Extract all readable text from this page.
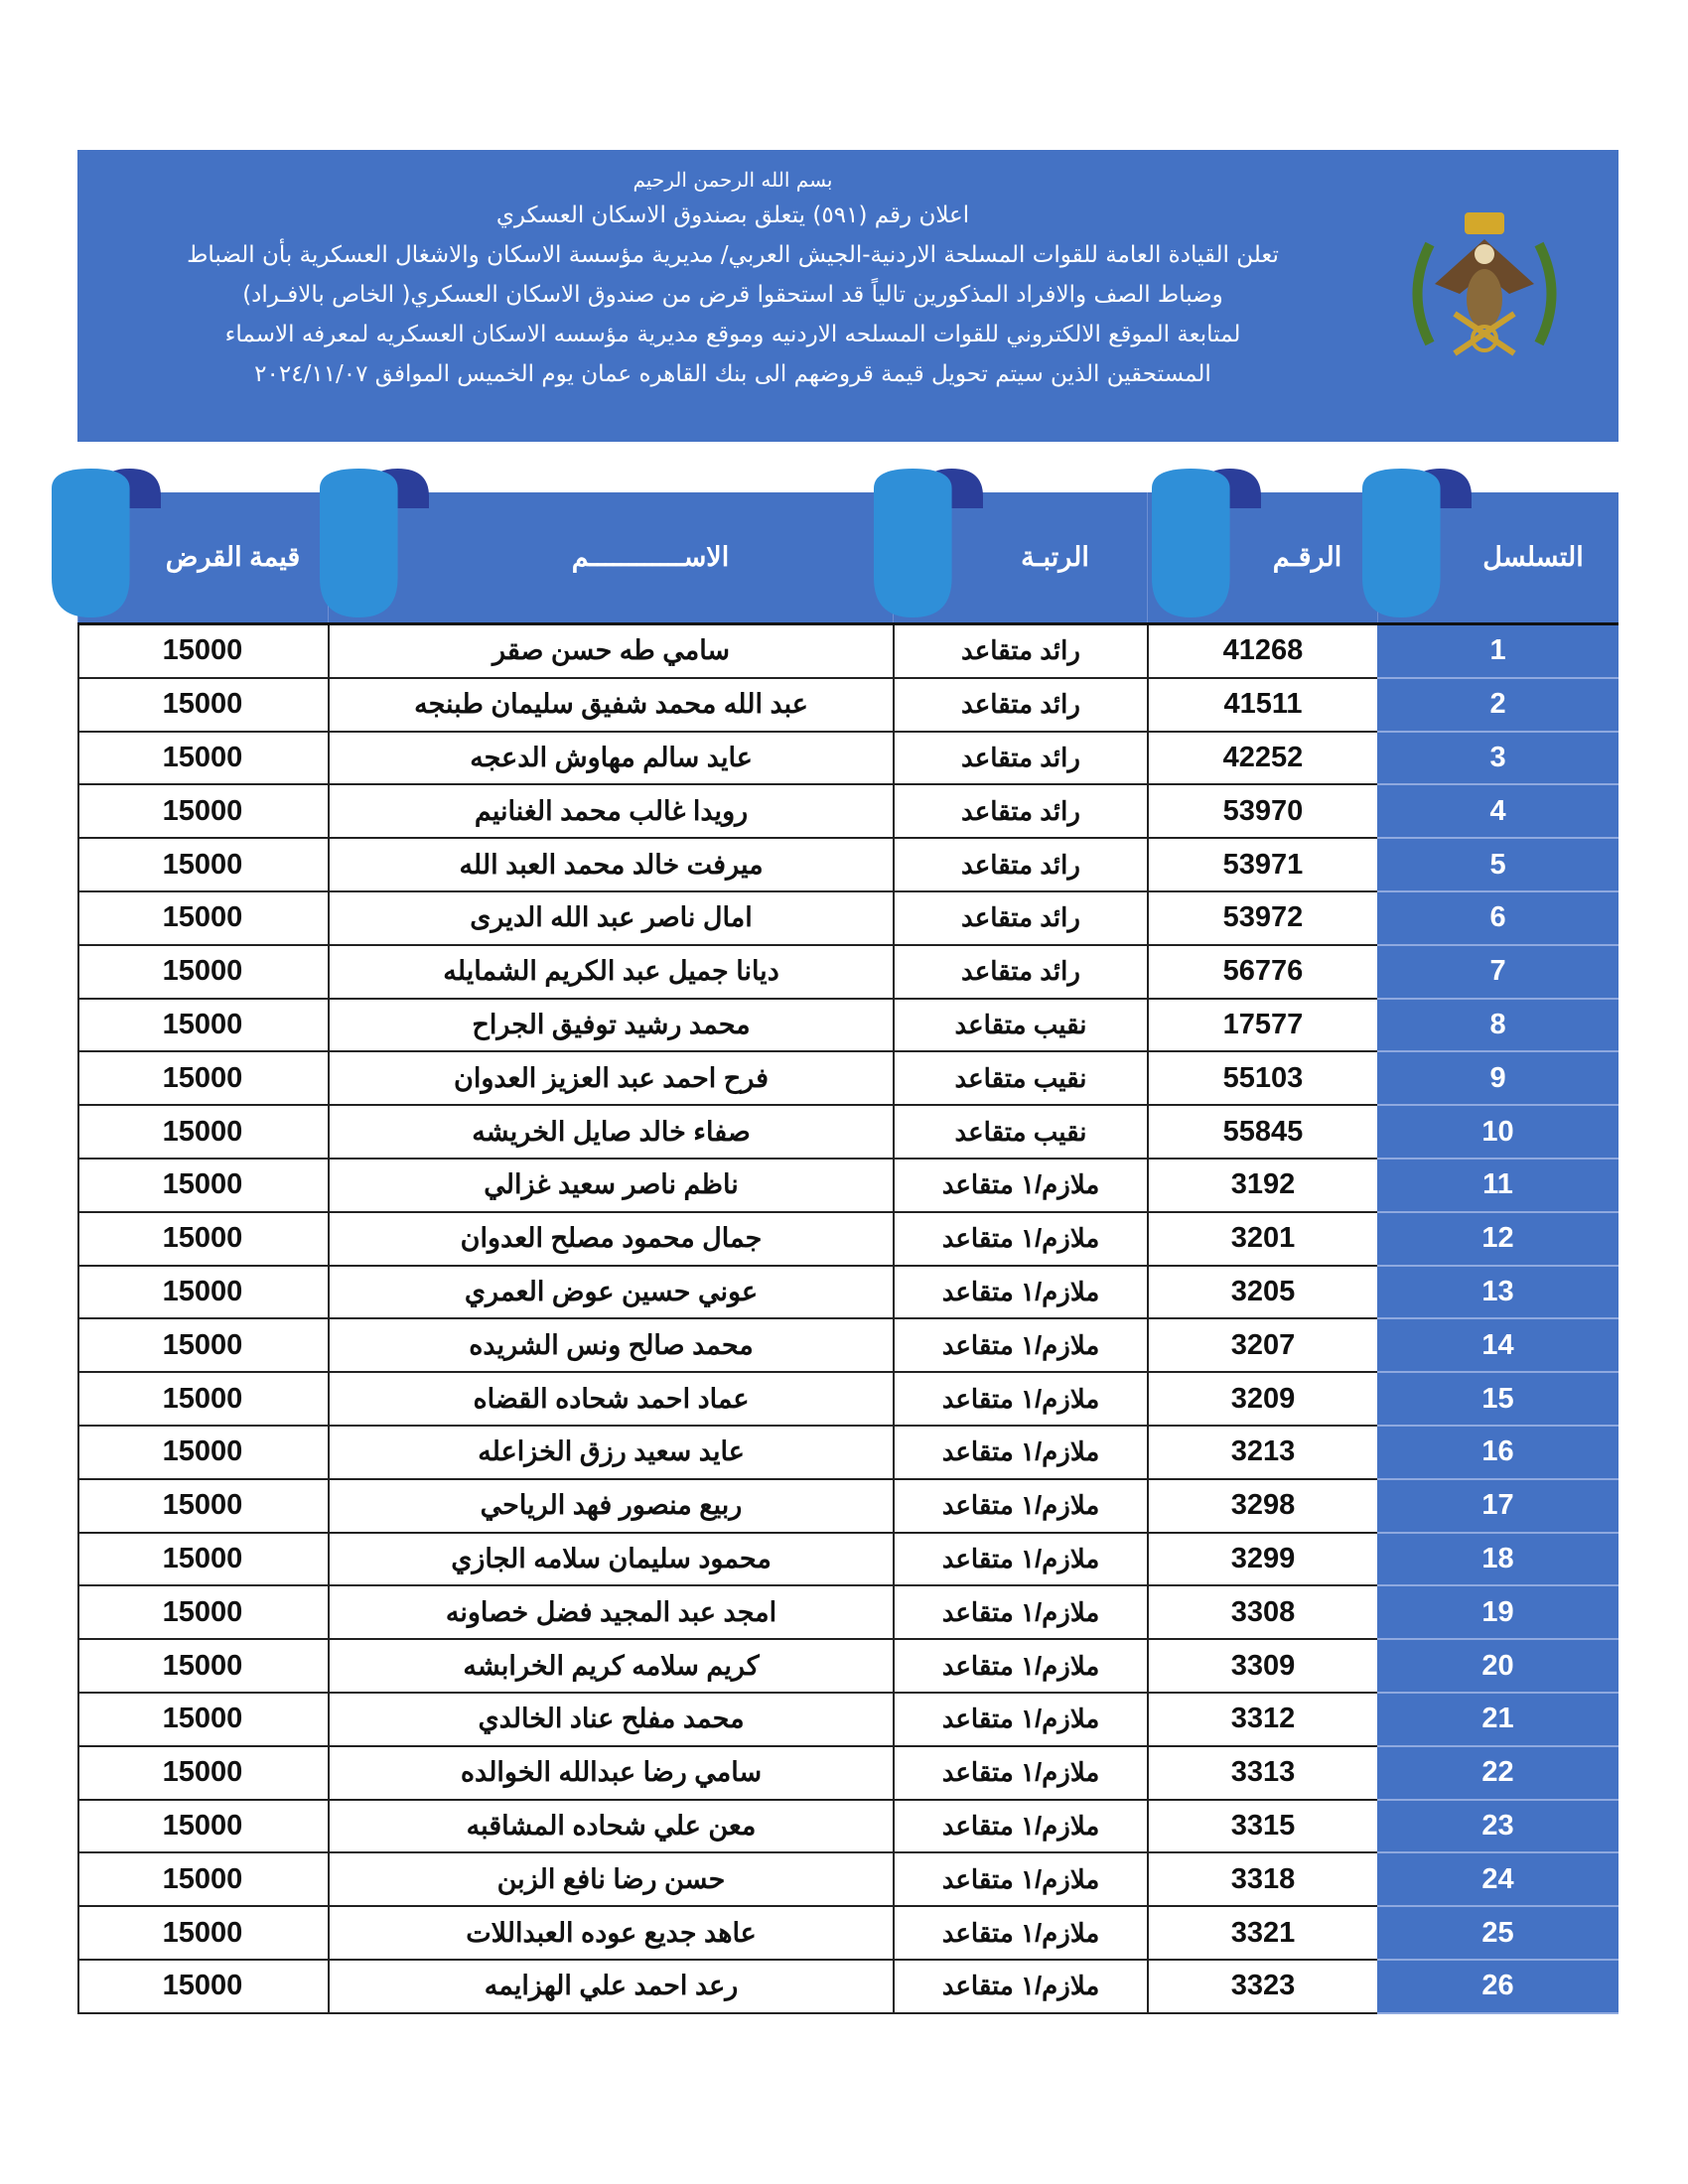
بسم الله الرحمن الرحيم
اعلان رقم (٥٩١) يتعلق بصندوق الاسكان العسكري
تعلن القيادة العامة للقوات المسلحة الاردنية-الجيش العربي/ مديرية مؤسسة الاسكان والاشغال العسكرية بأن الضباط
وضباط الصف والافراد المذكورين تالياً قد استحقوا قرض من صندوق الاسكان العسكري( الخاص بالافـراد)
لمتابعة الموقع الالكتروني للقوات المسلحه الاردنيه وموقع مديرية مؤسسه الاسكان العسكريه لمعرفه الاسماء
المستحقين الذين سيتم تحويل قيمة قروضهم الى بنك القاهره عمان يوم الخميس الموافق ٢٠٢٤/١١/٠٧
التسلسل
الرقـم
الرتبـة
الاســــــــــــم
قيمة القرض
1
41268
رائد متقاعد
سامي طه حسن صقر
15000
2
41511
رائد متقاعد
عبد الله محمد شفيق سليمان طبنجه
15000
3
42252
رائد متقاعد
عايد سالم مهاوش الدعجه
15000
4
53970
رائد متقاعد
رويدا غالب محمد الغنانيم
15000
5
53971
رائد متقاعد
ميرفت خالد محمد العبد الله
15000
6
53972
رائد متقاعد
امال ناصر عبد الله الديرى
15000
7
56776
رائد متقاعد
ديانا جميل عبد الكريم الشمايله
15000
8
17577
نقيب متقاعد
محمد رشيد توفيق الجراح
15000
9
55103
نقيب متقاعد
فرح احمد عبد العزيز العدوان
15000
10
55845
نقيب متقاعد
صفاء خالد صايل الخريشه
15000
11
3192
ملازم/١ متقاعد
ناظم ناصر سعيد غزالي
15000
12
3201
ملازم/١ متقاعد
جمال محمود مصلح العدوان
15000
13
3205
ملازم/١ متقاعد
عوني حسين عوض العمري
15000
14
3207
ملازم/١ متقاعد
محمد صالح ونس الشريده
15000
15
3209
ملازم/١ متقاعد
عماد احمد شحاده القضاه
15000
16
3213
ملازم/١ متقاعد
عايد سعيد رزق الخزاعله
15000
17
3298
ملازم/١ متقاعد
ربيع منصور فهد الرياحي
15000
18
3299
ملازم/١ متقاعد
محمود سليمان سلامه الجازي
15000
19
3308
ملازم/١ متقاعد
امجد عبد المجيد فضل خصاونه
15000
20
3309
ملازم/١ متقاعد
كريم سلامه كريم الخرابشه
15000
21
3312
ملازم/١ متقاعد
محمد مفلح عناد الخالدي
15000
22
3313
ملازم/١ متقاعد
سامي رضا عبدالله الخوالده
15000
23
3315
ملازم/١ متقاعد
معن علي شحاده المشاقبه
15000
24
3318
ملازم/١ متقاعد
حسن رضا نافع الزبن
15000
25
3321
ملازم/١ متقاعد
عاهد جديع عوده العبداللات
15000
26
3323
ملازم/١ متقاعد
رعد احمد علي الهزايمه
15000
